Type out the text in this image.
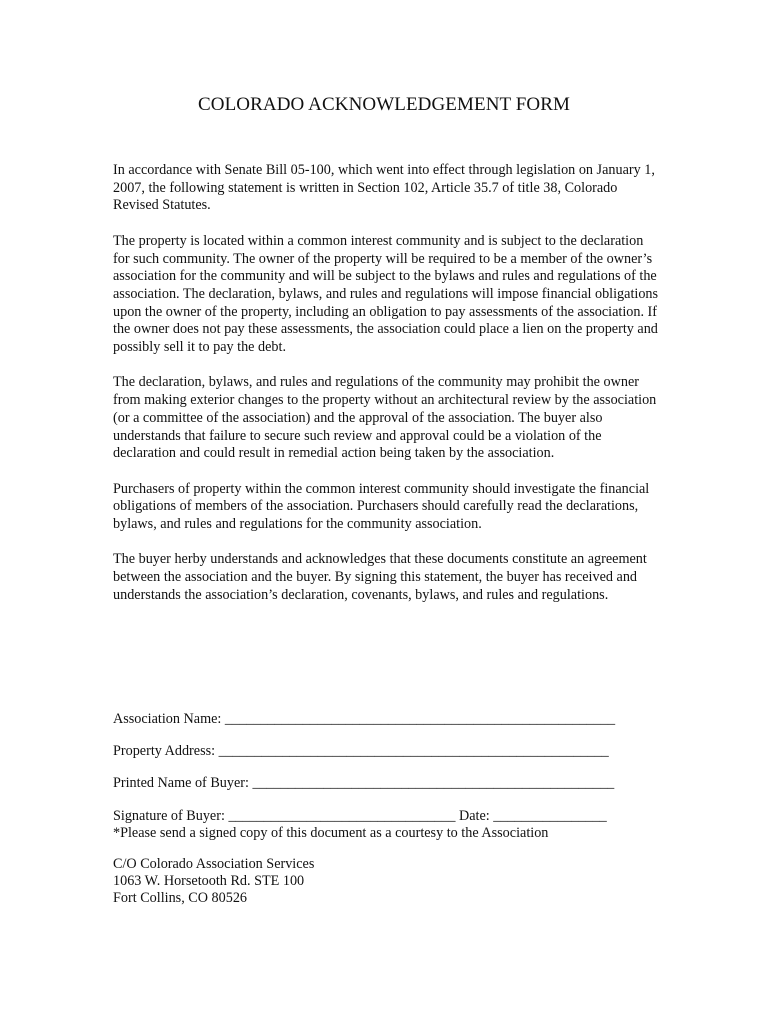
COLORADO ACKNOWLEDGEMENT FORM

In accordance with Senate Bill 05-100, which went into effect through legislation on January 1, 2007, the following statement is written in Section 102, Article 35.7 of title 38, Colorado Revised Statutes.

The property is located within a common interest community and is subject to the declaration for such community. The owner of the property will be required to be a member of the owner’s association for the community and will be subject to the bylaws and rules and regulations of the association. The declaration, bylaws, and rules and regulations will impose financial obligations upon the owner of the property, including an obligation to pay assessments of the association. If the owner does not pay these assessments, the association could place a lien on the property and possibly sell it to pay the debt.

The declaration, bylaws, and rules and regulations of the community may prohibit the owner from making exterior changes to the property without an architectural review by the association (or a committee of the association) and the approval of the association. The buyer also understands that failure to secure such review and approval could be a violation of the declaration and could result in remedial action being taken by the association.

Purchasers of property within the common interest community should investigate the financial obligations of members of the association. Purchasers should carefully read the declarations, bylaws, and rules and regulations for the community association.

The buyer herby understands and acknowledges that these documents constitute an agreement between the association and the buyer. By signing this statement, the buyer has received and understands the association’s declaration, covenants, bylaws, and rules and regulations.

Association Name: _______________________________________________________
Property Address: _______________________________________________________
Printed Name of Buyer: ___________________________________________________
Signature of Buyer: ________________________________ Date: ________________
*Please send a signed copy of this document as a courtesy to the Association
C/O Colorado Association Services
1063 W. Horsetooth Rd. STE 100
Fort Collins, CO 80526
